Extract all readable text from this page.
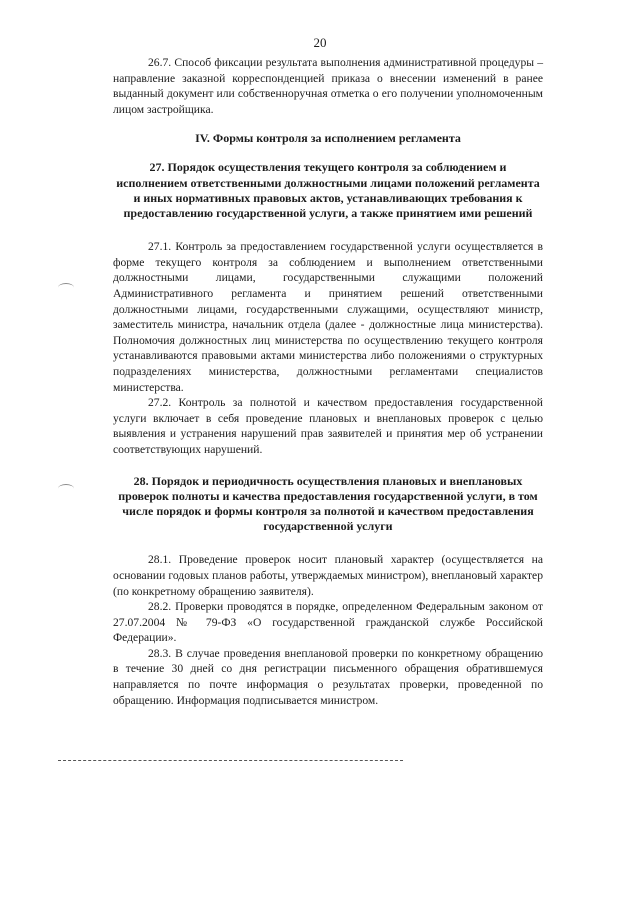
20

26.7. Способ фиксации результата выполнения административной процедуры – направление заказной корреспонденцией приказа о внесении изменений в ранее выданный документ или собственноручная отметка о его получении уполномоченным лицом застройщика.

IV. Формы контроля за исполнением регламента
27. Порядок осуществления текущего контроля за соблюдением и исполнением ответственными должностными лицами положений регламента и иных нормативных правовых актов, устанавливающих требования к предоставлению государственной услуги, а также принятием ими решений

27.1. Контроль за предоставлением государственной услуги осуществляется в форме текущего контроля за соблюдением и выполнением ответственными должностными лицами, государственными служащими положений Административного регламента и принятием решений ответственными должностными лицами, государственными служащими, осуществляют министр, заместитель министра, начальник отдела (далее - должностные лица министерства). Полномочия должностных лиц министерства по осуществлению текущего контроля устанавливаются правовыми актами министерства либо положениями о структурных подразделениях министерства, должностными регламентами специалистов министерства.

27.2. Контроль за полнотой и качеством предоставления государственной услуги включает в себя проведение плановых и внеплановых проверок с целью выявления и устранения нарушений прав заявителей и принятия мер об устранении соответствующих нарушений.

28. Порядок и периодичность осуществления плановых и внеплановых проверок полноты и качества предоставления государственной услуги, в том числе порядок и формы контроля за полнотой и качеством предоставления государственной услуги

28.1. Проведение проверок носит плановый характер (осуществляется на основании годовых планов работы, утверждаемых министром), внеплановый характер (по конкретному обращению заявителя).

28.2. Проверки проводятся в порядке, определенном Федеральным законом от 27.07.2004 № 79-ФЗ «О государственной гражданской службе Российской Федерации».

28.3. В случае проведения внеплановой проверки по конкретному обращению в течение 30 дней со дня регистрации письменного обращения обратившемуся направляется по почте информация о результатах проверки, проведенной по обращению. Информация подписывается министром.
